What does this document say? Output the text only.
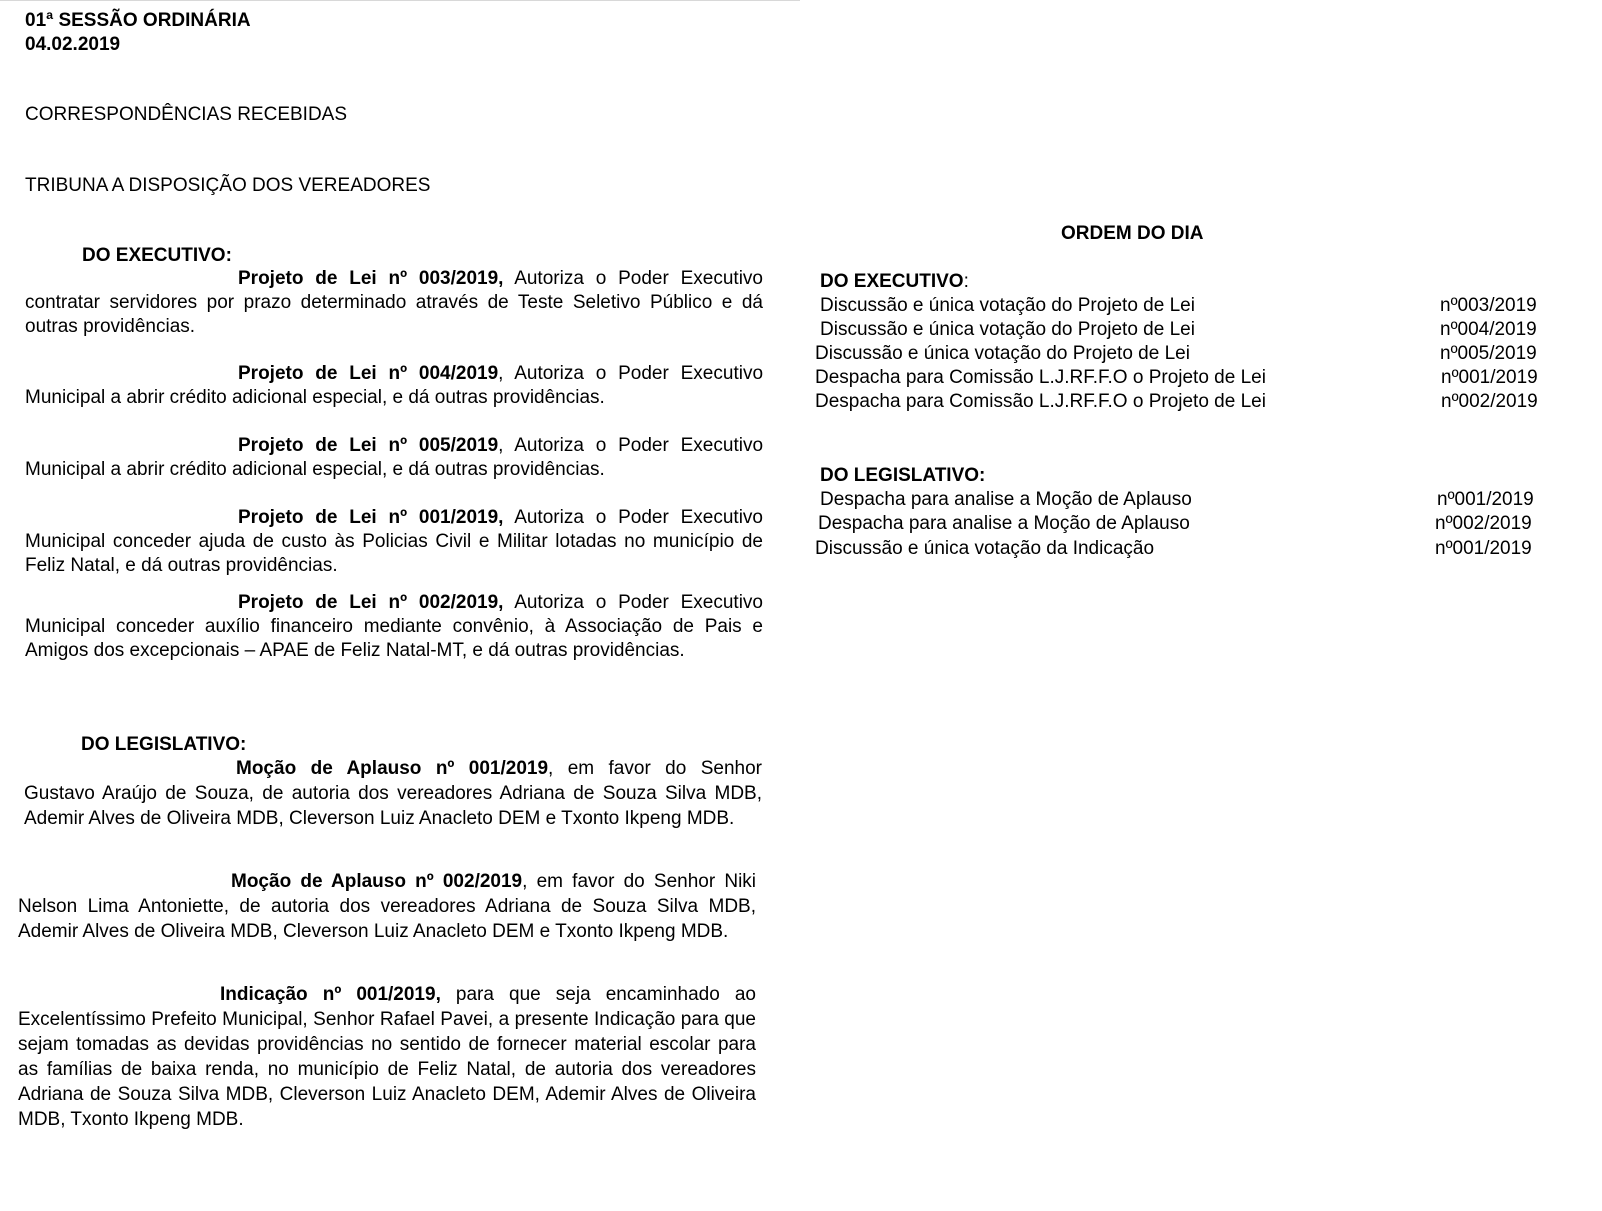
01ª SESSÃO ORDINÁRIA
04.02.2019
CORRESPONDÊNCIAS RECEBIDAS
TRIBUNA A DISPOSIÇÃO DOS VEREADORES
DO EXECUTIVO:
Projeto de Lei nº 003/2019, Autoriza o Poder Executivo contratar servidores por prazo determinado através de Teste Seletivo Público e dá outras providências.
Projeto de Lei nº 004/2019, Autoriza o Poder Executivo Municipal a abrir crédito adicional especial, e dá outras providências.
Projeto de Lei nº 005/2019, Autoriza o Poder Executivo Municipal a abrir crédito adicional especial, e dá outras providências.
Projeto de Lei nº 001/2019, Autoriza o Poder Executivo Municipal conceder ajuda de custo às Policias Civil e Militar lotadas no município de Feliz Natal, e dá outras providências.
Projeto de Lei nº 002/2019, Autoriza o Poder Executivo Municipal conceder auxílio financeiro mediante convênio, à Associação de Pais e Amigos dos excepcionais – APAE de Feliz Natal-MT, e dá outras providências.
DO LEGISLATIVO:
Moção de Aplauso nº 001/2019, em favor do Senhor Gustavo Araújo de Souza, de autoria dos vereadores Adriana de Souza Silva MDB, Ademir Alves de Oliveira MDB, Cleverson Luiz Anacleto DEM e Txonto Ikpeng MDB.
Moção de Aplauso nº 002/2019, em favor do Senhor Niki Nelson Lima Antoniette, de autoria dos vereadores Adriana de Souza Silva MDB, Ademir Alves de Oliveira MDB, Cleverson Luiz Anacleto DEM e Txonto Ikpeng MDB.
Indicação nº 001/2019, para que seja encaminhado ao Excelentíssimo Prefeito Municipal, Senhor Rafael Pavei, a presente Indicação para que sejam tomadas as devidas providências no sentido de fornecer material escolar para as famílias de baixa renda, no município de Feliz Natal, de autoria dos vereadores Adriana de Souza Silva MDB, Cleverson Luiz Anacleto DEM, Ademir Alves de Oliveira MDB, Txonto Ikpeng MDB.
ORDEM DO DIA
DO EXECUTIVO:
Discussão e única votação do Projeto de Lei	nº003/2019
Discussão e única votação do Projeto de Lei	nº004/2019
Discussão e única votação do Projeto de Lei	nº005/2019
Despacha para Comissão L.J.RF.F.O o Projeto de Lei	nº001/2019
Despacha para Comissão L.J.RF.F.O o Projeto de Lei	nº002/2019
DO LEGISLATIVO:
Despacha para analise a Moção de Aplauso	nº001/2019
Despacha para analise a Moção de Aplauso	nº002/2019
Discussão e única votação da Indicação	nº001/2019
